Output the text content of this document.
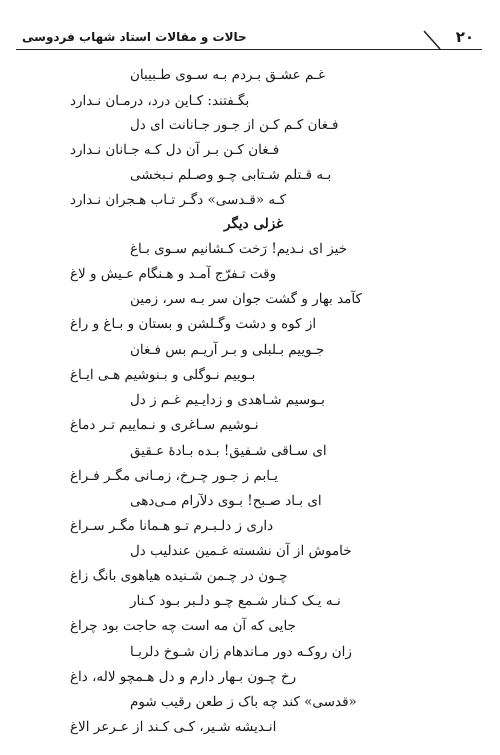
۲۰
حالات و مقالات استاد شهاب فردوسی
غـم عشـق بـردم بـه سـوی طـبیبان
بگـفتند: کـاین درد، درمـان نـدارد
فـغان کـم کـن از جـور جـانانت ای دل
فـغان کـن بـر آن دل کـه جـانان نـدارد
بـه قـتلم شـتابی چـو وصـلم نـبخشی
کـه «قـدسی» دگـر تـاب هـجران نـدارد
غزلی دیگر
خیز ای نـدیم! رَخت کـشانیم سـوی بـاغ
وقت تـفرّج آمـد و هـنگام عـیش و لاغ
کآمد بهار و گشت جوان سر بـه سر، زمین
از کوه و دشت وگـلشن و بستان و بـاغ و راغ
جـوییم بـلبلی و بـر آریـم بس فـغان
بـوییم نـوگلی و بـنوشیم هـی ایـاغ
بـوسیم شـاهدی و زدایـیم غـم ز دل
نـوشیم سـاغری و نـماییم تـر دماغ
ای سـاقی شـفیق! بـده بـادهٔ عـقیق
یـابم ز جـور چـرخ، زمـانی مگـر فـراغ
ای بـاد صـبح! بـوی دلآرام مـی‌دهی
داری ز دلـبـرم تـو هـمانا مگـر سـراغ
خاموش از آن نشسته غـمین عندلیب دل
چـون در چـمن شـنیده هیاهوی بانگ زاغ
نـه یـک کـنار شـمع چـو دلـبر بـود کـنار
جایی که آن مه است چه حاجت بود چراغ
زان روکـه دور مـاندهام زان شـوخ دلربـا
رخ چـون بـهار دارم و دل هـمچو لاله، داغ
«قدسی» کند چه باک ز طعن رقیب شوم
انـدیشه شـیر، کـی کـند از عـرعر الاغ
